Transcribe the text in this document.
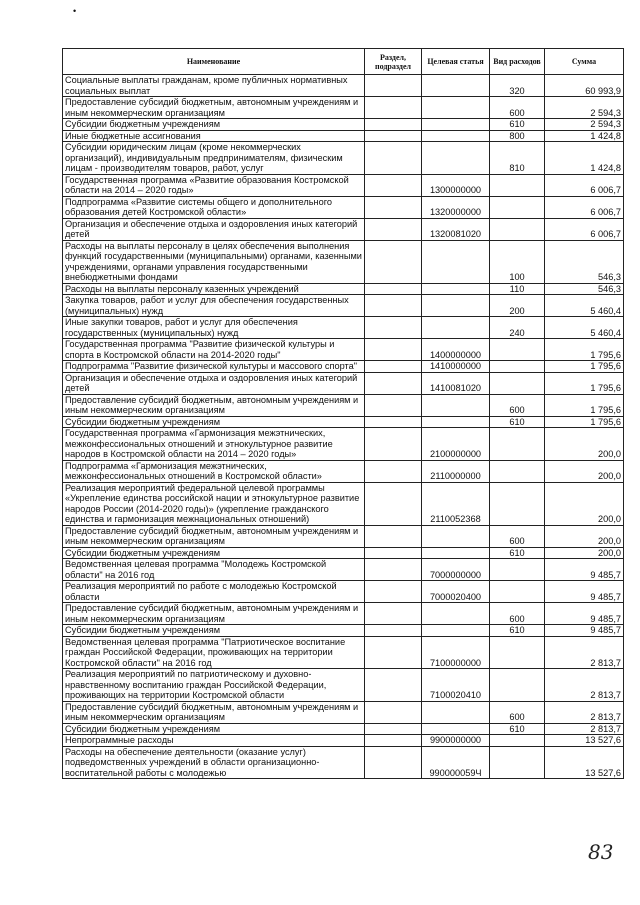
•
Наименование	Раздел, подраздел	Целевая статья	Вид расходов	Сумма
Социальные выплаты гражданам, кроме публичных нормативных социальных выплат			320	60 993,9
Предоставление субсидий бюджетным, автономным учреждениям и иным некоммерческим организациям			600	2 594,3
Субсидии бюджетным учреждениям			610	2 594,3
Иные бюджетные ассигнования			800	1 424,8
Субсидии юридическим лицам (кроме некоммерческих организаций), индивидуальным предпринимателям, физическим лицам - производителям товаров, работ, услуг			810	1 424,8
Государственная программа «Развитие образования Костромской области на 2014 – 2020 годы»		1300000000		6 006,7
Подпрограмма «Развитие системы общего и дополнительного образования детей Костромской области»		1320000000		6 006,7
Организация и обеспечение отдыха и оздоровления иных категорий детей		1320081020		6 006,7
Расходы на выплаты персоналу в целях обеспечения выполнения функций государственными (муниципальными) органами, казенными учреждениями, органами управления государственными внебюджетными фондами			100	546,3
Расходы на выплаты персоналу казенных учреждений			110	546,3
Закупка товаров, работ и услуг для обеспечения государственных (муниципальных) нужд			200	5 460,4
Иные закупки товаров, работ и услуг для обеспечения государственных (муниципальных) нужд			240	5 460,4
Государственная программа "Развитие физической культуры и спорта в Костромской области на 2014-2020 годы"		1400000000		1 795,6
Подпрограмма "Развитие физической культуры и массового спорта"		1410000000		1 795,6
Организация и обеспечение отдыха и оздоровления иных категорий детей		1410081020		1 795,6
Предоставление субсидий бюджетным, автономным учреждениям и иным некоммерческим организациям			600	1 795,6
Субсидии бюджетным учреждениям			610	1 795,6
Государственная программа «Гармонизация межэтнических, межконфессиональных отношений и этнокультурное развитие народов в Костромской области на 2014 – 2020 годы»		2100000000		200,0
Подпрограмма «Гармонизация межэтнических, межконфессиональных отношений в Костромской области»		2110000000		200,0
Реализация мероприятий федеральной целевой программы «Укрепление единства российской нации и этнокультурное развитие народов России (2014-2020 годы)» (укрепление гражданского единства и гармонизация межнациональных отношений)		2110052368		200,0
Предоставление субсидий бюджетным, автономным учреждениям и иным некоммерческим организациям			600	200,0
Субсидии бюджетным учреждениям			610	200,0
Ведомственная целевая программа "Молодежь Костромской области" на 2016 год		7000000000		9 485,7
Реализация мероприятий по работе с молодежью Костромской области		7000020400		9 485,7
Предоставление субсидий бюджетным, автономным учреждениям и иным некоммерческим организациям			600	9 485,7
Субсидии бюджетным учреждениям			610	9 485,7
Ведомственная целевая программа "Патриотическое воспитание граждан Российской Федерации, проживающих на территории Костромской области" на 2016 год		7100000000		2 813,7
Реализация мероприятий по патриотическому и духовно-нравственному воспитанию граждан Российской Федерации, проживающих на территории Костромской области		7100020410		2 813,7
Предоставление субсидий бюджетным, автономным учреждениям и иным некоммерческим организациям			600	2 813,7
Субсидии бюджетным учреждениям			610	2 813,7
Непрограммные расходы		9900000000		13 527,6
Расходы на обеспечение деятельности (оказание услуг) подведомственных учреждений в области организационно-воспитательной работы с молодежью		990000059Ч		13 527,6
83
